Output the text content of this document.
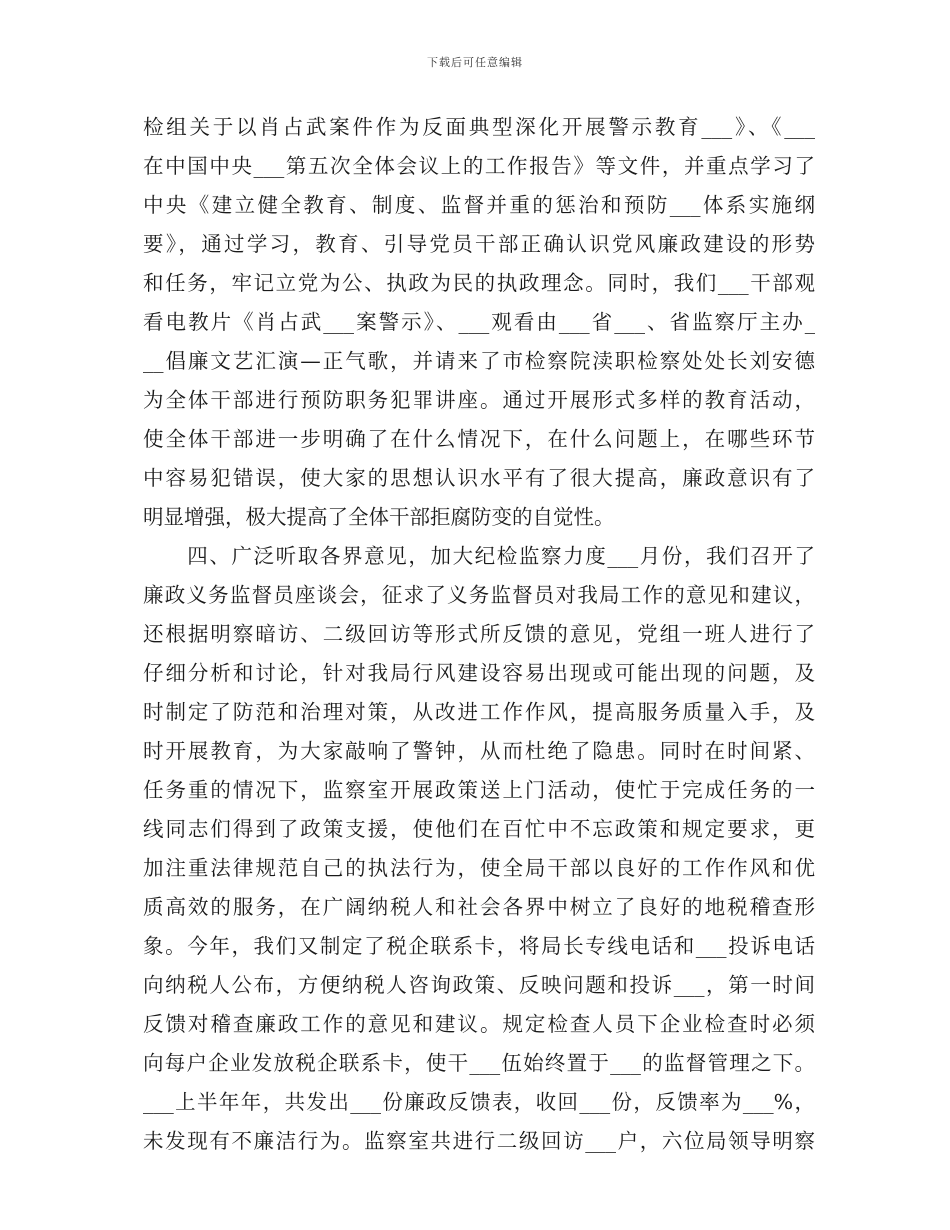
下载后可任意编辑
检组关于以肖占武案件作为反面典型深化开展警示教育___》、《___
在中国中央___第五次全体会议上的工作报告》等文件，并重点学习了
中央《建立健全教育、制度、监督并重的惩治和预防___体系实施纲
要》，通过学习，教育、引导党员干部正确认识党风廉政建设的形势
和任务，牢记立党为公、执政为民的执政理念。同时，我们___干部观
看电教片《肖占武___案警示》、___观看由___省___、省监察厅主办_
__倡廉文艺汇演—正气歌，并请来了市检察院渎职检察处处长刘安德
为全体干部进行预防职务犯罪讲座。通过开展形式多样的教育活动，
使全体干部进一步明确了在什么情况下，在什么问题上，在哪些环节
中容易犯错误，使大家的思想认识水平有了很大提高，廉政意识有了
明显增强，极大提高了全体干部拒腐防变的自觉性。
　　四、广泛听取各界意见，加大纪检监察力度___月份，我们召开了
廉政义务监督员座谈会，征求了义务监督员对我局工作的意见和建议，
还根据明察暗访、二级回访等形式所反馈的意见，党组一班人进行了
仔细分析和讨论，针对我局行风建设容易出现或可能出现的问题，及
时制定了防范和治理对策，从改进工作作风，提高服务质量入手，及
时开展教育，为大家敲响了警钟，从而杜绝了隐患。同时在时间紧、
任务重的情况下，监察室开展政策送上门活动，使忙于完成任务的一
线同志们得到了政策支援，使他们在百忙中不忘政策和规定要求，更
加注重法律规范自己的执法行为，使全局干部以良好的工作作风和优
质高效的服务，在广阔纳税人和社会各界中树立了良好的地税稽查形
象。今年，我们又制定了税企联系卡，将局长专线电话和___投诉电话
向纳税人公布，方便纳税人咨询政策、反映问题和投诉___，第一时间
反馈对稽查廉政工作的意见和建议。规定检查人员下企业检查时必须
向每户企业发放税企联系卡，使干___伍始终置于___的监督管理之下。
___上半年年，共发出___份廉政反馈表，收回___份，反馈率为___%，
未发现有不廉洁行为。监察室共进行二级回访___户，六位局领导明察
